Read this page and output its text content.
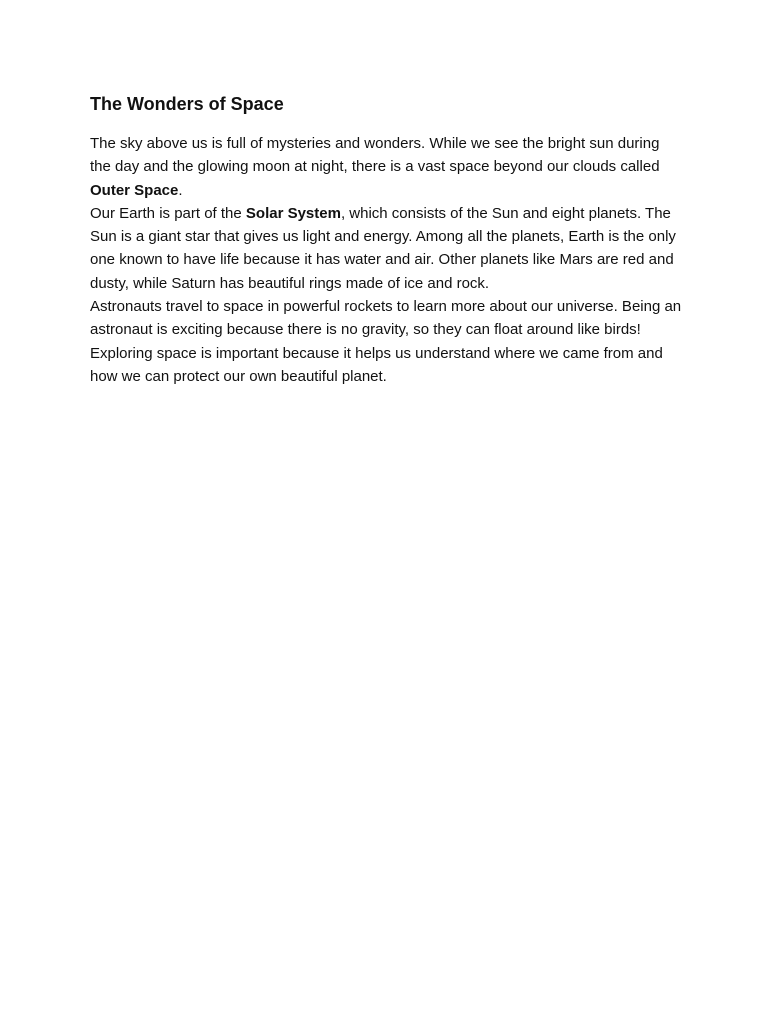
The Wonders of Space

The sky above us is full of mysteries and wonders. While we see the bright sun during the day and the glowing moon at night, there is a vast space beyond our clouds called Outer Space.

Our Earth is part of the Solar System, which consists of the Sun and eight planets. The Sun is a giant star that gives us light and energy. Among all the planets, Earth is the only one known to have life because it has water and air. Other planets like Mars are red and dusty, while Saturn has beautiful rings made of ice and rock.

Astronauts travel to space in powerful rockets to learn more about our universe. Being an astronaut is exciting because there is no gravity, so they can float around like birds! Exploring space is important because it helps us understand where we came from and how we can protect our own beautiful planet.
